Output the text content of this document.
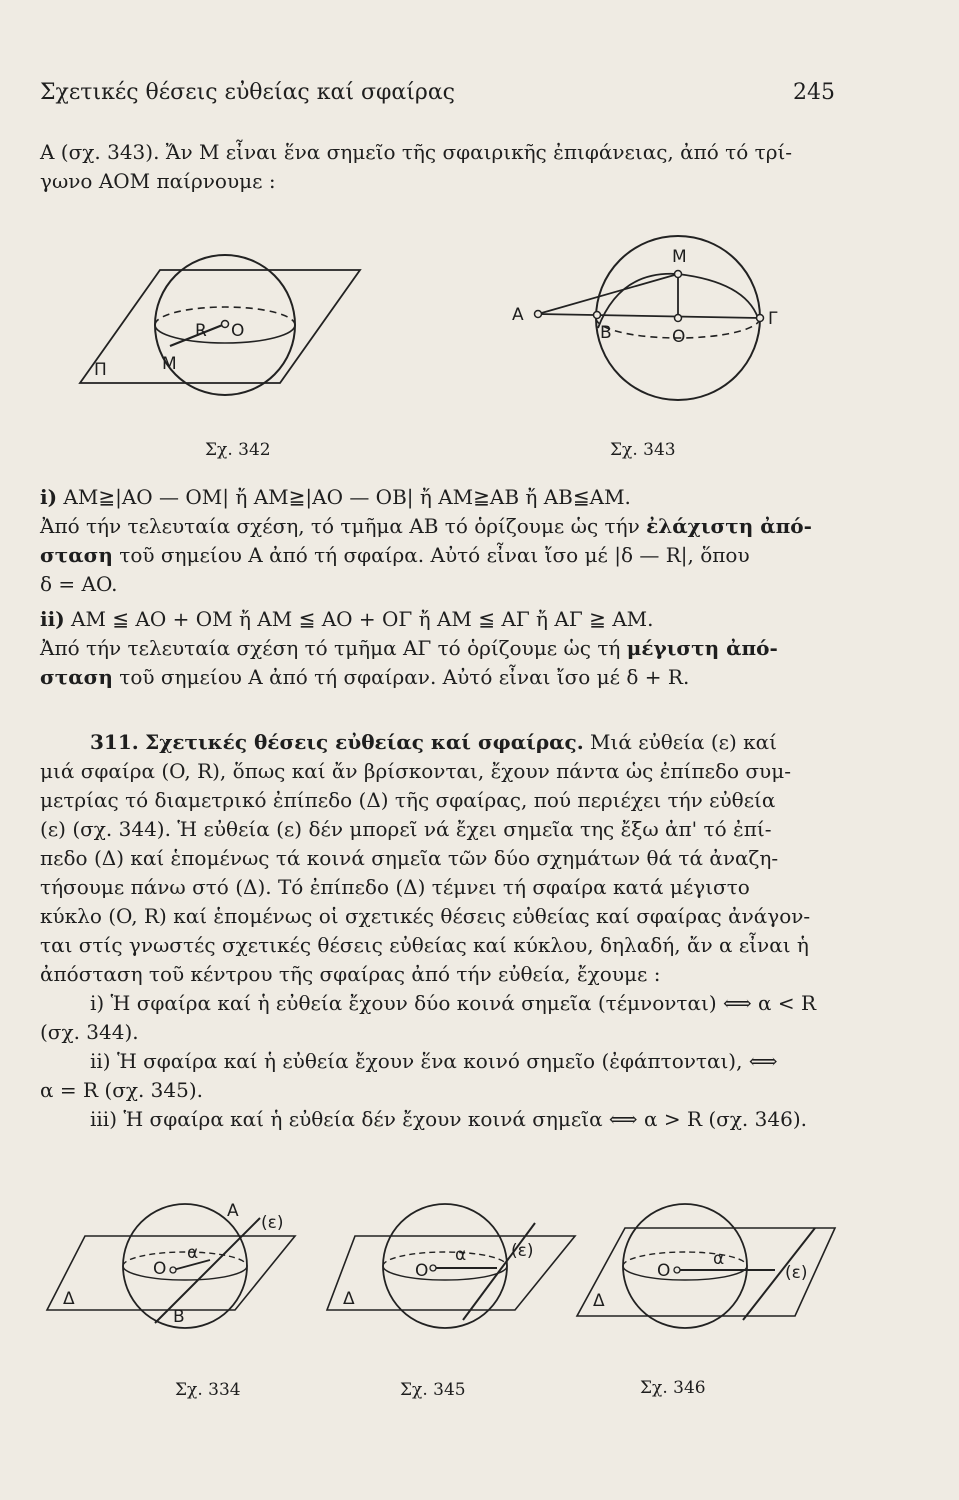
Σχετικές θέσεις εὐθείας καί σφαίρας	245

A (σχ. 343). Ἄν M εἶναι ἕνα σημεῖο τῆς σφαιρικῆς ἐπιφάνειας, ἀπό τό τρί-

γωνο AOM παίρνουμε :

R O
M
Π
Σχ. 342
M
A
B	O
Γ
Σχ. 343

i) AM≧|AO — OM| ἤ AM≧|AO — OB| ἤ AM≧AB ἤ AB≦AM.

Ἀπό τήν τελευταία σχέση, τό τμῆμα AB τό ὁρίζουμε ὡς τήν ἐλάχιστη ἀπό-

σταση τοῦ σημείου A ἀπό τή σφαίρα. Αὐτό εἶναι ἴσο μέ |δ — R|, ὅπου

δ = AO.

ii) AM ≦ AO + OM ἤ AM ≦ AO + OΓ ἤ AM ≦ AΓ ἤ AΓ ≧ AM.

Ἀπό τήν τελευταία σχέση τό τμῆμα AΓ τό ὁρίζουμε ὡς τή μέγιστη ἀπό-

σταση τοῦ σημείου A ἀπό τή σφαίραν. Αὐτό εἶναι ἴσο μέ δ + R.

311. Σχετικές θέσεις εὐθείας καί σφαίρας. Μιά εὐθεία (ε) καί

μιά σφαίρα (O, R), ὅπως καί ἄν βρίσκονται, ἔχουν πάντα ὡς ἐπίπεδο συμ-

μετρίας τό διαμετρικό ἐπίπεδο (Δ) τῆς σφαίρας, πού περιέχει τήν εὐθεία

(ε) (σχ. 344). Ἡ εὐθεία (ε) δέν μπορεῖ νά ἔχει σημεῖα της ἔξω ἀπ' τό ἐπί-

πεδο (Δ) καί ἑπομένως τά κοινά σημεῖα τῶν δύο σχημάτων θά τά ἀναζη-

τήσουμε πάνω στό (Δ). Τό ἐπίπεδο (Δ) τέμνει τή σφαίρα κατά μέγιστο

κύκλο (O, R) καί ἑπομένως οἱ σχετικές θέσεις εὐθείας καί σφαίρας ἀνάγον-

ται στίς γνωστές σχετικές θέσεις εὐθείας καί κύκλου, δηλαδή, ἄν α εἶναι ἡ

ἀπόσταση τοῦ κέντρου τῆς σφαίρας ἀπό τήν εὐθεία, ἔχουμε :

i) Ἡ σφαίρα καί ἡ εὐθεία ἔχουν δύο κοινά σημεῖα (τέμνονται) ⟺ α < R

(σχ. 344).

ii) Ἡ σφαίρα καί ἡ εὐθεία ἔχουν ἕνα κοινό σημεῖο (ἐφάπτονται), ⟺

α = R (σχ. 345).

iii) Ἡ σφαίρα καί ἡ εὐθεία δέν ἔχουν κοινά σημεῖα ⟺ α > R (σχ. 346).

A
(ε)
O
α
Δ
B
Σχ. 334
(ε)
O
α
Δ
Σχ. 345
O
α
(ε)
Δ
Σχ. 346
